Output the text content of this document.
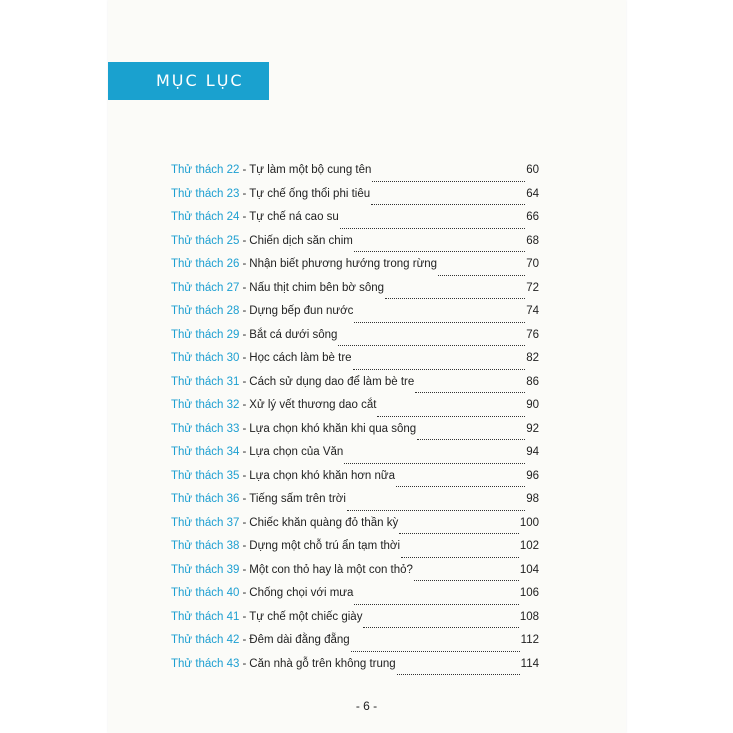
MỤC LỤC
Thử thách 22 - Tự làm một bộ cung tên	60
Thử thách 23 - Tự chế ống thổi phi tiêu	64
Thử thách 24 - Tự chế ná cao su	66
Thử thách 25 - Chiến dịch săn chim	68
Thử thách 26 - Nhận biết phương hướng trong rừng	70
Thử thách 27 - Nấu thịt chim bên bờ sông	72
Thử thách 28 - Dựng bếp đun nước	74
Thử thách 29 - Bắt cá dưới sông	76
Thử thách 30 - Học cách làm bè tre	82
Thử thách 31 - Cách sử dụng dao để làm bè tre	86
Thử thách 32 - Xử lý vết thương dao cắt	90
Thử thách 33 - Lựa chọn khó khăn khi qua sông	92
Thử thách 34 - Lựa chọn của Văn	94
Thử thách 35 - Lựa chọn khó khăn hơn nữa	96
Thử thách 36 - Tiếng sấm trên trời	98
Thử thách 37 - Chiếc khăn quàng đỏ thần kỳ	100
Thử thách 38 - Dựng một chỗ trú ẩn tạm thời	102
Thử thách 39 - Một con thỏ hay là một con thỏ?	104
Thử thách 40 - Chống chọi với mưa	106
Thử thách 41 - Tự chế một chiếc giày	108
Thử thách 42 - Đêm dài đằng đẵng	112
Thử thách 43 - Căn nhà gỗ trên không trung	114
- 6 -
